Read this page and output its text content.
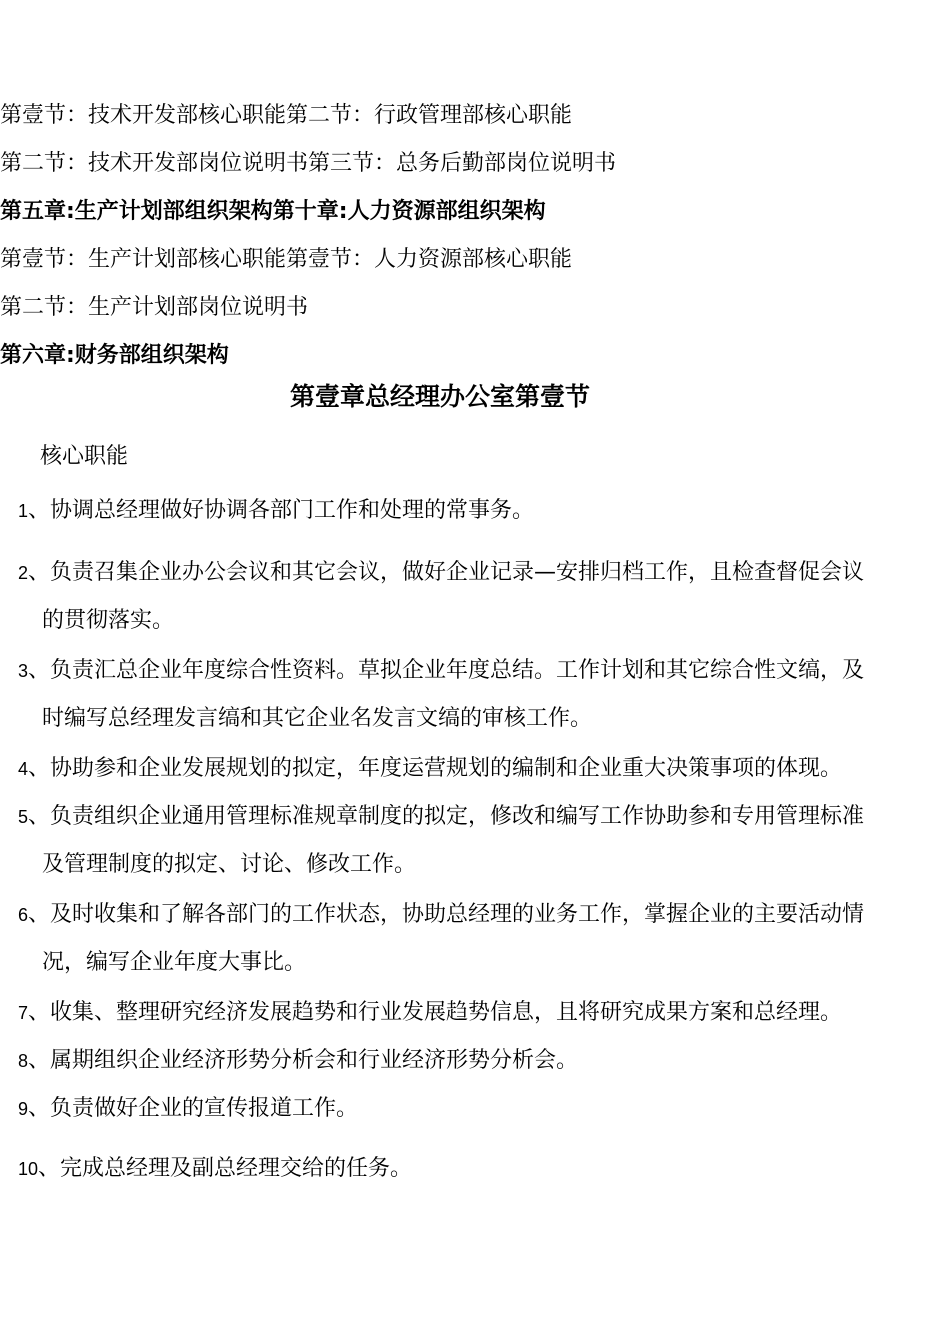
第壹节：技术开发部核心职能第二节：行政管理部核心职能
第二节：技术开发部岗位说明书第三节：总务后勤部岗位说明书
第五章:生产计划部组织架构第十章:人力资源部组织架构
第壹节：生产计划部核心职能第壹节：人力资源部核心职能
第二节：生产计划部岗位说明书
第六章:财务部组织架构
第壹章总经理办公室第壹节
核心职能
1、协调总经理做好协调各部门工作和处理的常事务。
2、负责召集企业办公会议和其它会议，做好企业记录—安排归档工作，且检查督促会议
的贯彻落实。
3、负责汇总企业年度综合性资料。草拟企业年度总结。工作计划和其它综合性文缟，及
时编写总经理发言缟和其它企业名发言文缟的审核工作。
4、协助参和企业发展规划的拟定，年度运营规划的编制和企业重大决策事项的体现。
5、负责组织企业通用管理标准规章制度的拟定，修改和编写工作协助参和专用管理标准
及管理制度的拟定、讨论、修改工作。
6、及时收集和了解各部门的工作状态，协助总经理的业务工作，掌握企业的主要活动情
况，编写企业年度大事比。
7、收集、整理研究经济发展趋势和行业发展趋势信息，且将研究成果方案和总经理。
8、属期组织企业经济形势分析会和行业经济形势分析会。
9、负责做好企业的宣传报道工作。
10、完成总经理及副总经理交给的任务。
